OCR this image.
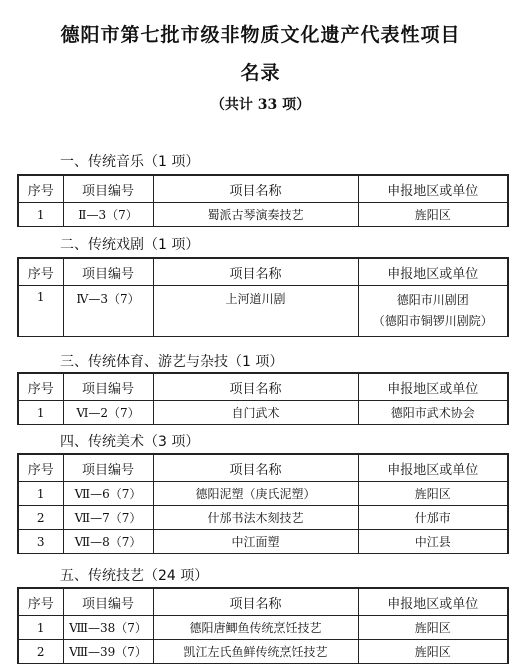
德阳市第七批市级非物质文化遗产代表性项目
名录
（共计 33 项）
一、传统音乐（1 项）
序号	项目编号	项目名称	申报地区或单位
1	Ⅱ—3（7）	蜀派古琴演奏技艺	旌阳区
二、传统戏剧（1 项）
序号	项目编号	项目名称	申报地区或单位
1	Ⅳ—3（7）	上河道川剧	德阳市川剧团
（德阳市铜锣川剧院）
三、传统体育、游艺与杂技（1 项）
序号	项目编号	项目名称	申报地区或单位
1	Ⅵ—2（7）	自门武术	德阳市武术协会
四、传统美术（3 项）
序号	项目编号	项目名称	申报地区或单位
1	Ⅶ—6（7）	德阳泥塑（庚氏泥塑）	旌阳区
2	Ⅶ—7（7）	什邡书法木刻技艺	什邡市
3	Ⅶ—8（7）	中江面塑	中江县
五、传统技艺（24 项）
序号	项目编号	项目名称	申报地区或单位
1	Ⅷ—38（7）	德阳唐鲫鱼传统烹饪技艺	旌阳区
2	Ⅷ—39（7）	凯江左氏鱼鲜传统烹饪技艺	旌阳区
